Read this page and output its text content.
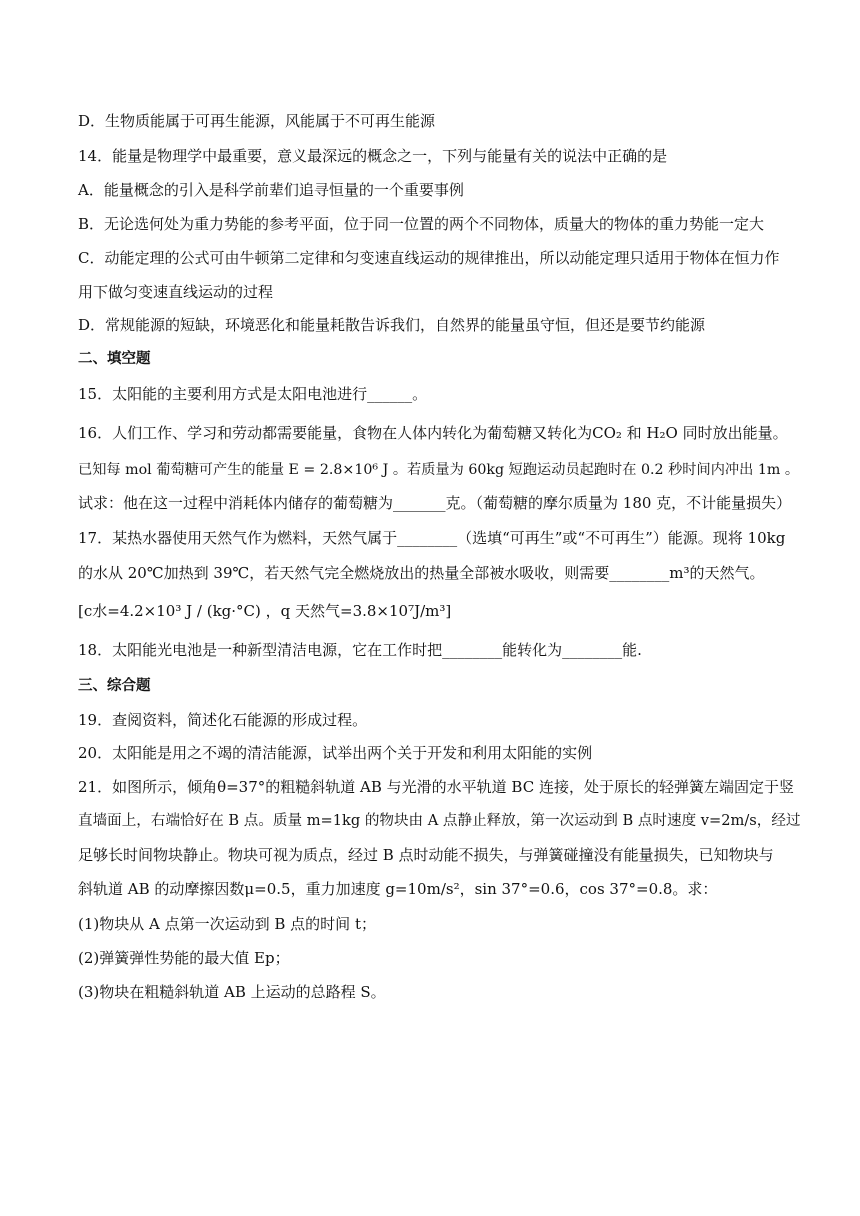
D．生物质能属于可再生能源，风能属于不可再生能源
14．能量是物理学中最重要，意义最深远的概念之一，下列与能量有关的说法中正确的是
A．能量概念的引入是科学前辈们追寻恒量的一个重要事例
B．无论选何处为重力势能的参考平面，位于同一位置的两个不同物体，质量大的物体的重力势能一定大
C．动能定理的公式可由牛顿第二定律和匀变速直线运动的规律推出，所以动能定理只适用于物体在恒力作
用下做匀变速直线运动的过程
D．常规能源的短缺，环境恶化和能量耗散告诉我们，自然界的能量虽守恒，但还是要节约能源
二、填空题
15．太阳能的主要利用方式是太阳电池进行______。
16．人们工作、学习和劳动都需要能量，食物在人体内转化为葡萄糖又转化为CO₂ 和 H₂O 同时放出能量。
已知每 mol 葡萄糖可产生的能量 E = 2.8×10⁶ J 。若质量为 60kg 短跑运动员起跑时在 0.2 秒时间内冲出 1m 。
试求：他在这一过程中消耗体内储存的葡萄糖为_______克。（葡萄糖的摩尔质量为 180 克，不计能量损失）
17．某热水器使用天然气作为燃料，天然气属于________（选填“可再生”或“不可再生”）能源。现将 10kg
的水从 20℃加热到 39℃，若天然气完全燃烧放出的热量全部被水吸收，则需要________m³的天然气。
[c水=4.2×10³ J / (kg·°C) ，q 天然气=3.8×10⁷J/m³]
18．太阳能光电池是一种新型清洁电源，它在工作时把________能转化为________能.
三、综合题
19．查阅资料，简述化石能源的形成过程。
20．太阳能是用之不竭的清洁能源，试举出两个关于开发和利用太阳能的实例
21．如图所示，倾角θ=37°的粗糙斜轨道 AB 与光滑的水平轨道 BC 连接，处于原长的轻弹簧左端固定于竖
直墙面上，右端恰好在 B 点。质量 m=1kg 的物块由 A 点静止释放，第一次运动到 B 点时速度 v=2m/s，经过
足够长时间物块静止。物块可视为质点，经过 B 点时动能不损失，与弹簧碰撞没有能量损失，已知物块与
斜轨道 AB 的动摩擦因数μ=0.5，重力加速度 g=10m/s²，sin 37°=0.6，cos 37°=0.8。求：
(1)物块从 A 点第一次运动到 B 点的时间 t；
(2)弹簧弹性势能的最大值 Ep；
(3)物块在粗糙斜轨道 AB 上运动的总路程 S。
